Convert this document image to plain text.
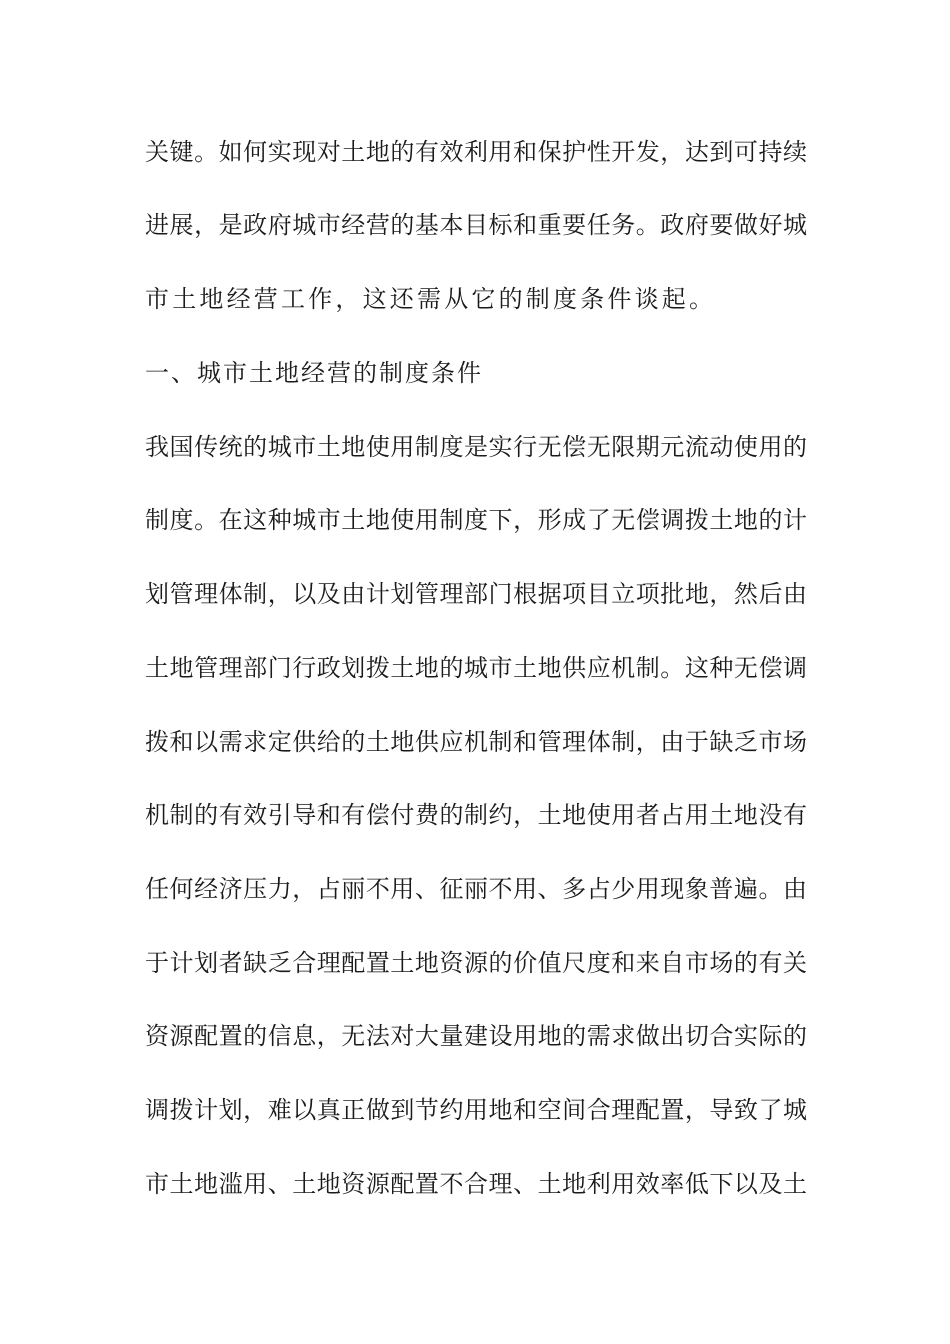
关键。如何实现对土地的有效利用和保护性开发，达到可持续
进展，是政府城市经营的基本目标和重要任务。政府要做好城
市土地经营工作，这还需从它的制度条件谈起。
一、城市土地经营的制度条件
我国传统的城市土地使用制度是实行无偿无限期元流动使用的
制度。在这种城市土地使用制度下，形成了无偿调拨土地的计
划管理体制，以及由计划管理部门根据项目立项批地，然后由
土地管理部门行政划拨土地的城市土地供应机制。这种无偿调
拨和以需求定供给的土地供应机制和管理体制，由于缺乏市场
机制的有效引导和有偿付费的制约，土地使用者占用土地没有
任何经济压力，占丽不用、征丽不用、多占少用现象普遍。由
于计划者缺乏合理配置土地资源的价值尺度和来自市场的有关
资源配置的信息，无法对大量建设用地的需求做出切合实际的
调拨计划，难以真正做到节约用地和空间合理配置，导致了城
市土地滥用、土地资源配置不合理、土地利用效率低下以及土
